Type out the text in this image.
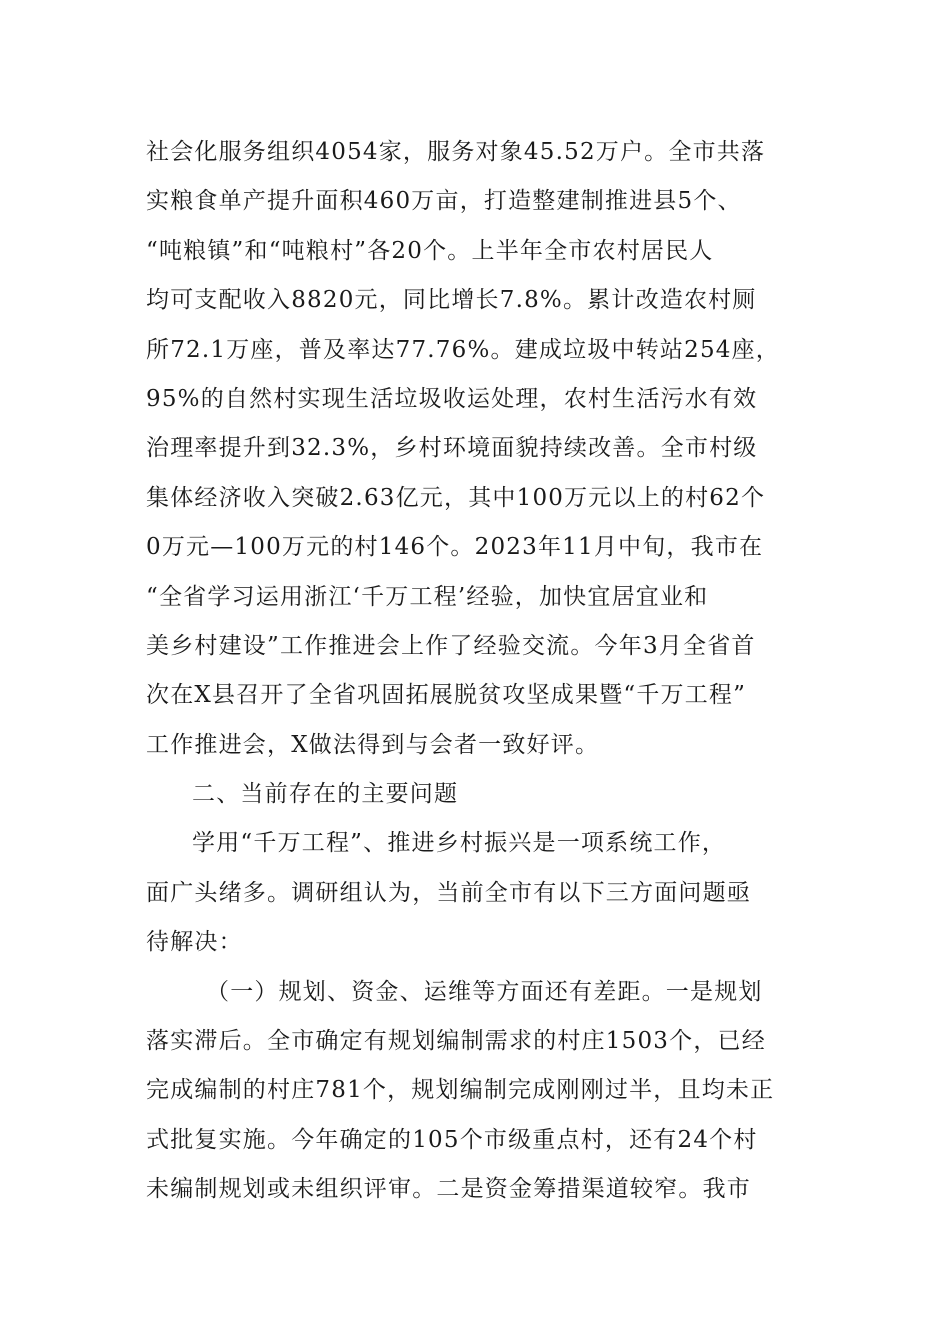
社会化服务组织4054家，服务对象45.52万户。全市共落
实粮食单产提升面积460万亩，打造整建制推进县5个、
“吨粮镇”和“吨粮村”各20个。上半年全市农村居民人
均可支配收入8820元，同比增长7.8%。累计改造农村厕
所72.1万座，普及率达77.76%。建成垃圾中转站254座，
95%的自然村实现生活垃圾收运处理，农村生活污水有效
治理率提升到32.3%，乡村环境面貌持续改善。全市村级
集体经济收入突破2.63亿元，其中100万元以上的村62个
0万元—100万元的村146个。2023年11月中旬，我市在
“全省学习运用浙江‘千万工程’经验，加快宜居宜业和
美乡村建设”工作推进会上作了经验交流。今年3月全省首
次在X县召开了全省巩固拓展脱贫攻坚成果暨“千万工程”
工作推进会，X做法得到与会者一致好评。
二、当前存在的主要问题
学用“千万工程”、推进乡村振兴是一项系统工作，
面广头绪多。调研组认为，当前全市有以下三方面问题亟
待解决：
（一）规划、资金、运维等方面还有差距。一是规划
落实滞后。全市确定有规划编制需求的村庄1503个，已经
完成编制的村庄781个，规划编制完成刚刚过半，且均未正
式批复实施。今年确定的105个市级重点村，还有24个村
未编制规划或未组织评审。二是资金筹措渠道较窄。我市
